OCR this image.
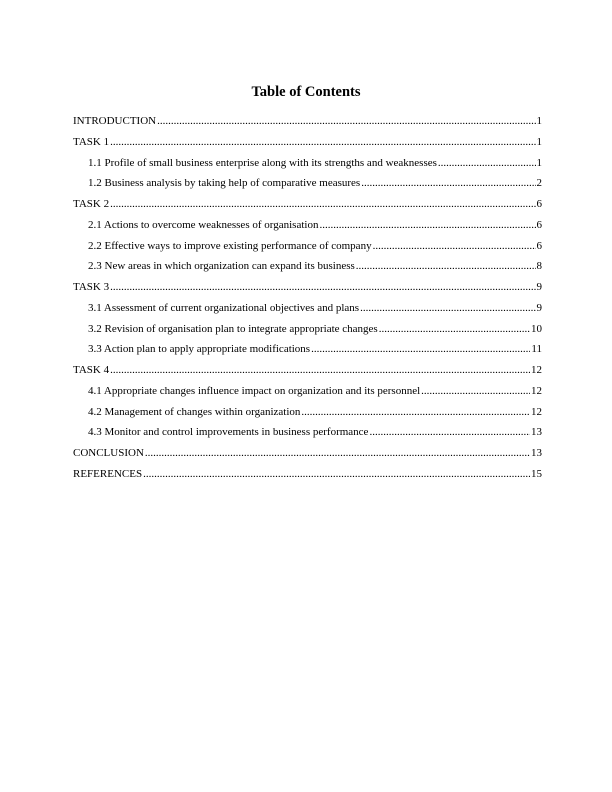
Table of Contents
INTRODUCTION .....	1
TASK 1 .....	1
1.1 Profile of small business enterprise along with its strengths and weaknesses .....	1
1.2 Business analysis by taking help of comparative measures .....	2
TASK 2 .....	6
2.1 Actions to overcome weaknesses of organisation .....	6
2.2 Effective ways to improve existing performance of company .....	6
2.3 New areas in which organization can expand its business .....	8
TASK 3 .....	9
3.1 Assessment of current organizational objectives and plans .....	9
3.2 Revision of organisation plan to integrate appropriate changes .....	10
3.3 Action plan to apply appropriate modifications .....	11
TASK 4 .....	12
4.1 Appropriate changes influence impact on organization and its personnel .....	12
4.2 Management of changes within organization .....	12
4.3 Monitor and control improvements in business performance .....	13
CONCLUSION .....	13
REFERENCES .....	15
